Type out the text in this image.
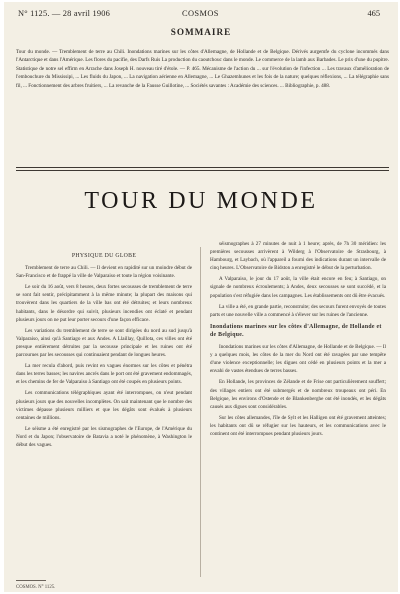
N° 1125. — 28 avril 1906	COSMOS	465
SOMMAIRE
Tour du monde. — Tremblement de terre au Chili. Inondations marines sur les côtes d'Allemagne, de Hollande et de Belgique. Dérivés aurgemfe du cyclone incommés dans l'Antarctique et dans l'Amérique. Les flores du pacifie, des Darfs Ruis La production du caoutchouc dans le monde. Le commerce de la lamb aux Barbades. Le prix d'une du pupitre. Statistique de notre sel effirm en Arrache dans Joseph H. nouveau tiré d'étole. — P. 465. Mécanisme de l'action du ... sur l'évolution de l'infection ... Les travaux d'amélioration de l'embouchure du Mississipi, ... Les fluids du Japon, ... La navigation aérienne en Allemagne, ... Le Ghazemhunes et les fois de la nature; quelques réflexions, ... La télégraphie sans fil, ... Fonctionnement des arbres fruitiers, ... La revanche de la Fausse Guillotine, ... Sociétés savantes : Académie des sciences. ... Bibliographie, p. 488.
TOUR DU MONDE
PHYSIQUE DU GLOBE

Tremblement de terre au Chili. — Il devient en rapidité sur un moindre début de San-Francisco et de frappé la ville de Valparaiso et toute la région voisinante.

Le soir du 16 août, vers 8 heures, deux fortes secousses de tremblement de terre se sont fait sentir, précipitamment à la même minute; la plupart des maisons qui trouvèrent dans les quartiers de la ville bas ont été détruites; et leurs nombreux habitants, dans le désordre qui suivit, plusieurs incendies ont éclaté et pendant plusieurs jours on ne put leur porter secours d'une façon efficace.

Les variations du tremblement de terre se sont dirigées du nord au sud jusqu'à Valparaiso, ainsi qu'à Santiago et aux Andes. A Llaillay, Quillota, ces villes ont été presque entièrement détruites par la secousse principale et les ruines ont été parcourues par les secousses qui continuaient pendant de longues heures.

La mer recula d'abord, puis revint en vagues énormes sur les côtes et pénétra dans les terres basses; les navires ancrés dans le port ont été gravement endommagés, et les chemins de fer de Valparaiso à Santiago ont été coupés en plusieurs points.

Les communications télégraphiques ayant été interrompues, on n'eut pendant plusieurs jours que des nouvelles incomplètes. On sait maintenant que le nombre des victimes dépasse plusieurs milliers et que les dégâts sont évalués à plusieurs centaines de millions.

Le séisme a été enregistré par les sismographes de l'Europe, de l'Amérique du Nord et du Japon; l'observatoire de Batavia a noté le phénomène, à Washington le début des vagues.

séismographes à 27 minutes de nuit à 1 heure; après, de 7h 30 méridien: les premières secousses arrivèrent à Wilderg à l'Observatoire de Strasbourg, à Hambourg, et Laybach, où l'appareil a fourni des indications durant un intervalle de cinq heures. L'Observatoire de Bidston a enregistré le début de la perturbation.

A Valparaiso, le jour du 17 août, la ville était encore en feu; à Santiago, on signale de nombreux écroulements; à Andes, deux secousses se sont succédé, et la population s'est réfugiée dans les campagnes. Les établissements ont dû être évacués.

La ville a été, en grande partie, reconstruite; des secours furent envoyés de toutes parts et une nouvelle ville a commencé à s'élever sur les ruines de l'ancienne.

Inondations marines sur les côtes d'Allemagne, de Hollande et de Belgique.

Inondations marines sur les côtes d'Allemagne, de Hollande et de Belgique. — Il y a quelques mois, les côtes de la mer du Nord ont été ravagées par une tempête d'une violence exceptionnelle; les digues ont cédé en plusieurs points et la mer a envahi de vastes étendues de terres basses.

En Hollande, les provinces de Zélande et de Frise ont particulièrement souffert; des villages entiers ont été submergés et de nombreux troupeaux ont péri. En Belgique, les environs d'Ostende et de Blankenberghe ont été inondés, et les dégâts causés aux digues sont considérables.

Sur les côtes allemandes, l'île de Sylt et les Halligen ont été gravement atteintes; les habitants ont dû se réfugier sur les hauteurs, et les communications avec le continent ont été interrompues pendant plusieurs jours.

COSMOS. N° 1125.
